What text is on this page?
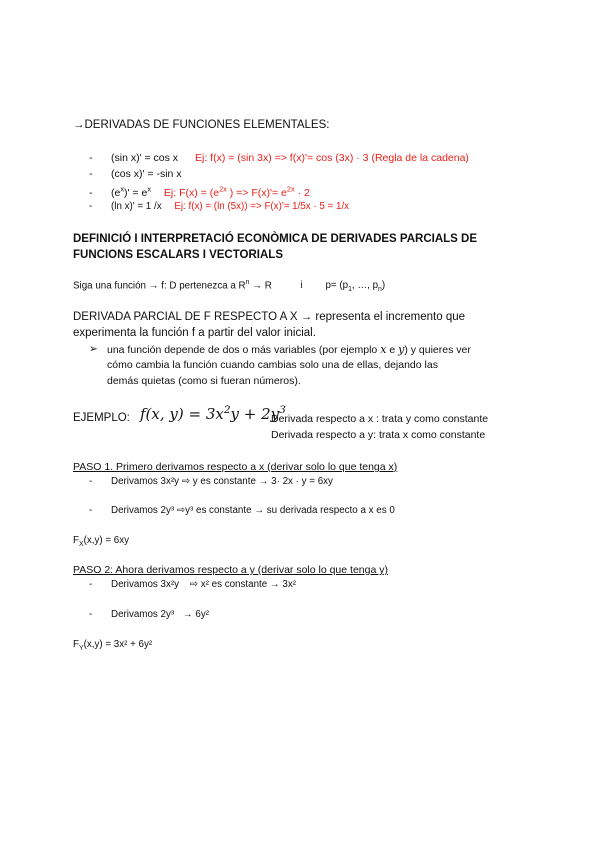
→DERIVADAS DE FUNCIONES ELEMENTALES:
- (sin x)' = cos x Ej: f(x) = (sin 3x) => f(x)'= cos (3x) · 3 (Regla de la cadena)
- (cos x)' = -sin x
- $(e^x)' = e^x$ Ej: $F(x) = (e^{2x}$ ) => $F(x)'= e^{2x} \cdot 2$
- (ln x)' = 1 /x Ej: f(x) = (ln (5x)) => F(x)'= 1/5x · 5 = 1/x
DEFINICIÓ I INTERPRETACIÓ ECONÒMICA DE DERIVADES PARCIALS DE
FUNCIONS ESCALARS I VECTORIALS
Siga una función → f: D pertenezca a $R^n \to R$	i $p= (p_1$, …, $p_n$)
DERIVADA PARCIAL DE F RESPECTO A X → representa el incremento que
experimenta la función f a partir del valor inicial.
➢ una función depende de dos o más variables (por ejemplo x e y) y quieres ver
cómo cambia la función cuando cambias solo una de ellas, dejando las
demás quietas (como si fueran números).
EJEMPLO: f(x, $y) = 3x^2y + 2y^3$
Derivada respecto a x : trata y como constante
Derivada respecto a y: trata x como constante
PASO 1. Primero derivamos respecto a x (derivar solo lo que tenga x)
- Derivamos 3x²y ⇨ y es constante → 3· 2x · y = 6xy
- Derivamos 2y³ ⇨y³ es constante → su derivada respecto a x es 0
$F_X(x,y) = 6xy$
PASO 2: Ahora derivamos respecto a y (derivar solo lo que tenga y)
- Derivamos 3x²y ⇨ x² es constante → 3x²
- Derivamos 2y³ → 6y²
$F_Y(x,y) = 3x^2 + 6y^2$
